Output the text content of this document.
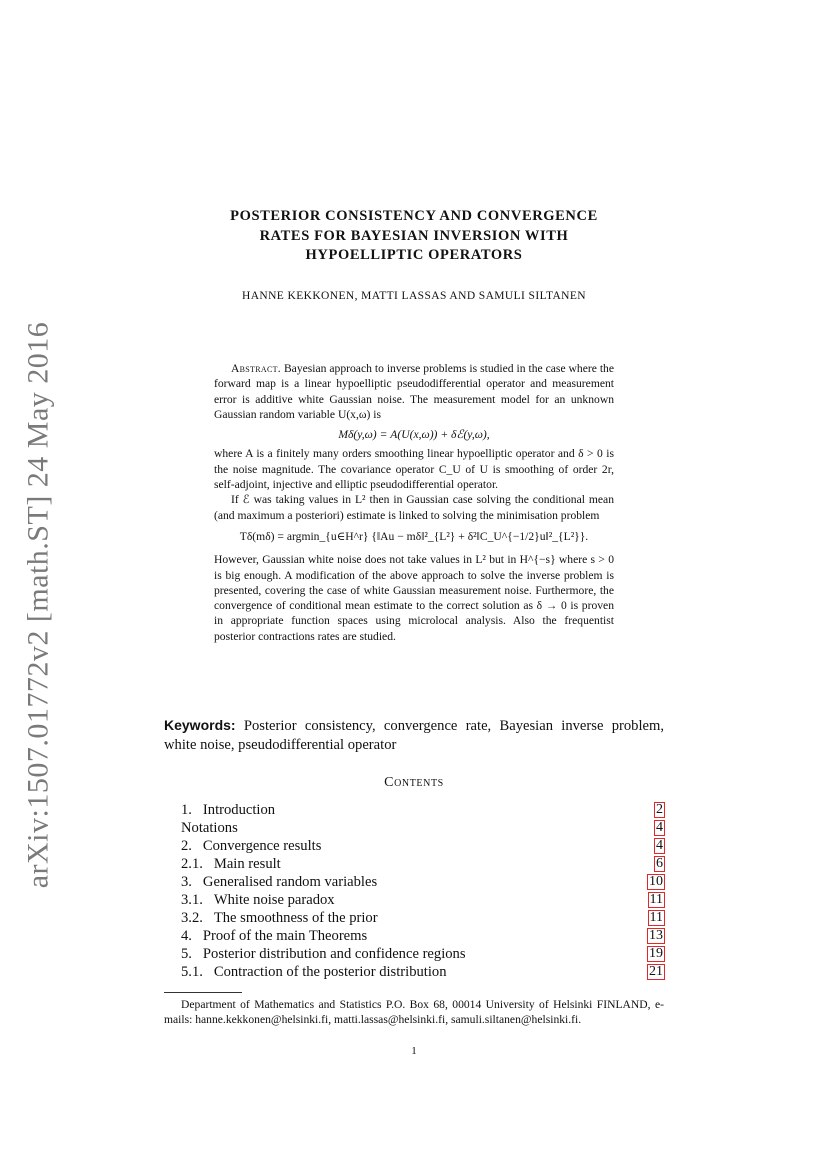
arXiv:1507.01772v2 [math.ST] 24 May 2016
POSTERIOR CONSISTENCY AND CONVERGENCE
RATES FOR BAYESIAN INVERSION WITH
HYPOELLIPTIC OPERATORS
HANNE KEKKONEN, MATTI LASSAS AND SAMULI SILTANEN

Abstract. Bayesian approach to inverse problems is studied in the case where the forward map is a linear hypoelliptic pseudodifferential operator and measurement error is additive white Gaussian noise. The measurement model for an unknown Gaussian random variable U(x,ω) is

Mδ(y,ω) = A(U(x,ω)) + δℰ(y,ω),

where A is a finitely many orders smoothing linear hypoelliptic operator and δ > 0 is the noise magnitude. The covariance operator C_U of U is smoothing of order 2r, self-adjoint, injective and elliptic pseudodifferential operator.

If ℰ was taking values in L² then in Gaussian case solving the conditional mean (and maximum a posteriori) estimate is linked to solving the minimisation problem

Tδ(mδ) = argmin_{u∈H^r} {‖Au − mδ‖²_{L²} + δ²‖C_U^{−1/2}u‖²_{L²}}.

However, Gaussian white noise does not take values in L² but in H^{−s} where s > 0 is big enough. A modification of the above approach to solve the inverse problem is presented, covering the case of white Gaussian measurement noise. Furthermore, the convergence of conditional mean estimate to the correct solution as δ → 0 is proven in appropriate function spaces using microlocal analysis. Also the frequentist posterior contractions rates are studied.

Keywords: Posterior consistency, convergence rate, Bayesian inverse problem, white noise, pseudodifferential operator
Contents
1. Introduction	2
Notations	4
2. Convergence results	4
2.1. Main result	6
3. Generalised random variables	10
3.1. White noise paradox	11
3.2. The smoothness of the prior	11
4. Proof of the main Theorems	13
5. Posterior distribution and confidence regions	19
5.1. Contraction of the posterior distribution	21
Department of Mathematics and Statistics P.O. Box 68, 00014 University of Helsinki FINLAND, e-mails: hanne.kekkonen@helsinki.fi, matti.lassas@helsinki.fi, samuli.siltanen@helsinki.fi.
1
